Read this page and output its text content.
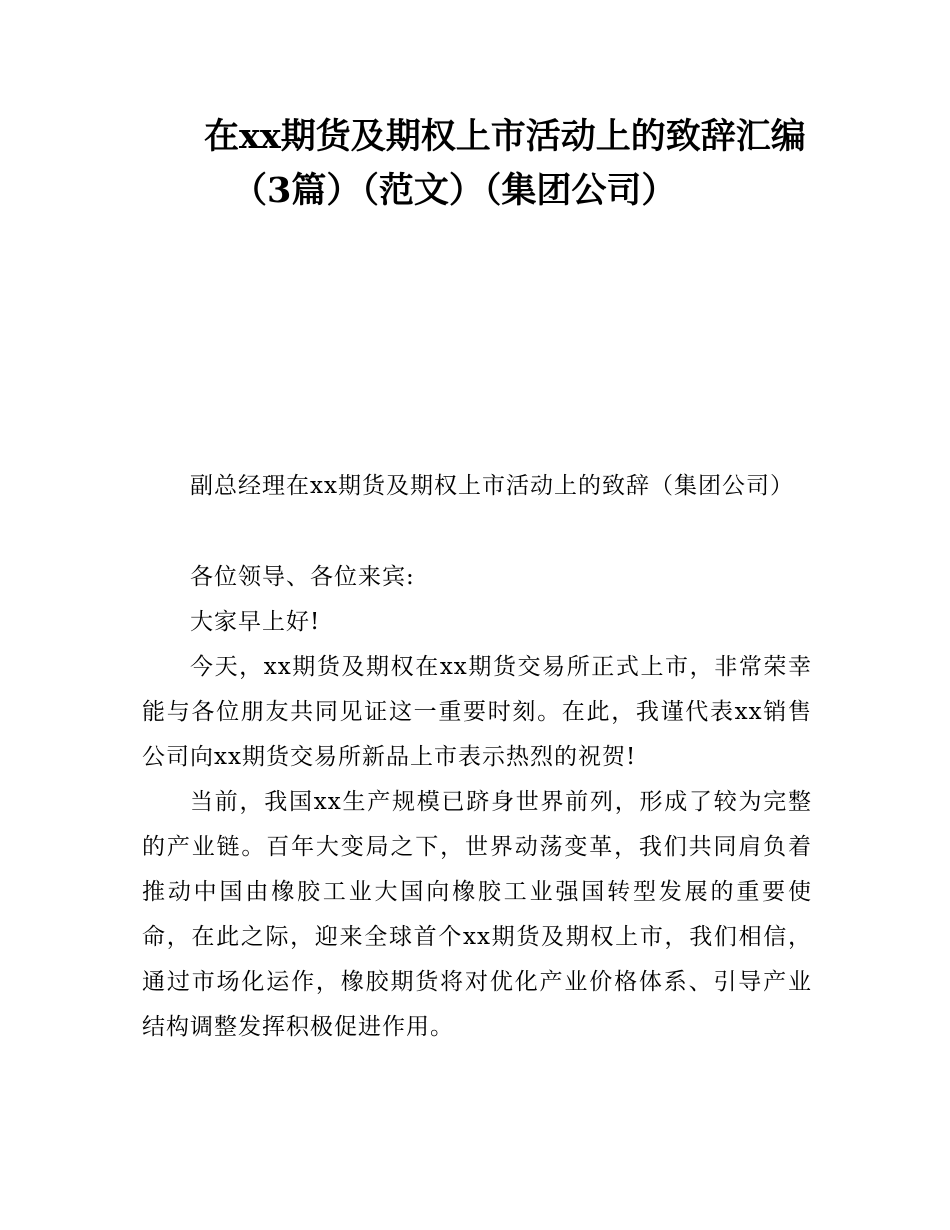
在xx期货及期权上市活动上的致辞汇编
（3篇）（范文）（集团公司）

副总经理在xx期货及期权上市活动上的致辞（集团公司）

各位领导、各位来宾:

大家早上好!

今天，xx期货及期权在xx期货交易所正式上市，非常荣幸能与各位朋友共同见证这一重要时刻。在此，我谨代表xx销售公司向xx期货交易所新品上市表示热烈的祝贺!

当前，我国xx生产规模已跻身世界前列，形成了较为完整的产业链。百年大变局之下，世界动荡变革，我们共同肩负着推动中国由橡胶工业大国向橡胶工业强国转型发展的重要使命，在此之际，迎来全球首个xx期货及期权上市，我们相信，通过市场化运作，橡胶期货将对优化产业价格体系、引导产业结构调整发挥积极促进作用。
